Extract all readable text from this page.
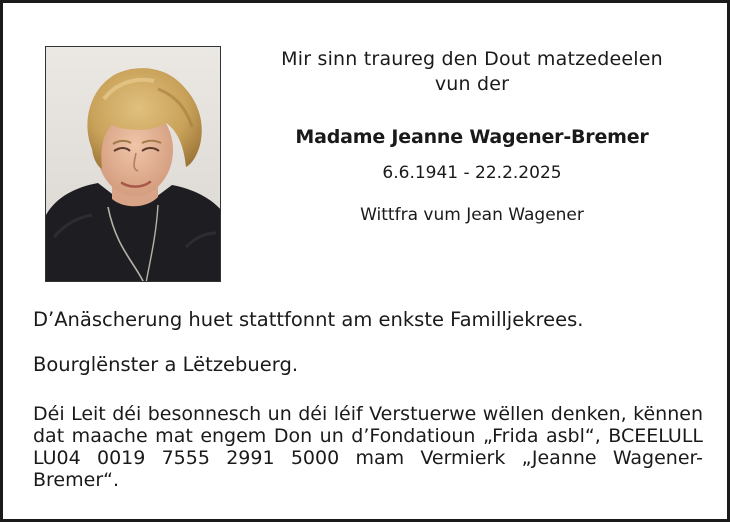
Mir sinn traureg den Dout matzedeelen
vun der
Madame Jeanne Wagener-Bremer
6.6.1941 - 22.2.2025
Wittfra vum Jean Wagener
D’Anäscherung huet stattfonnt am enkste Familljekrees.
Bourglënster a Lëtzebuerg.
Déi Leit déi besonnesch un déi léif Verstuerwe wëllen denken, kënnen dat maache mat engem Don un d’Fondatioun „Frida asbl“, BCEELULL LU04 0019 7555 2991 5000 mam Vermierk „Jeanne Wagener-Bremer“.
